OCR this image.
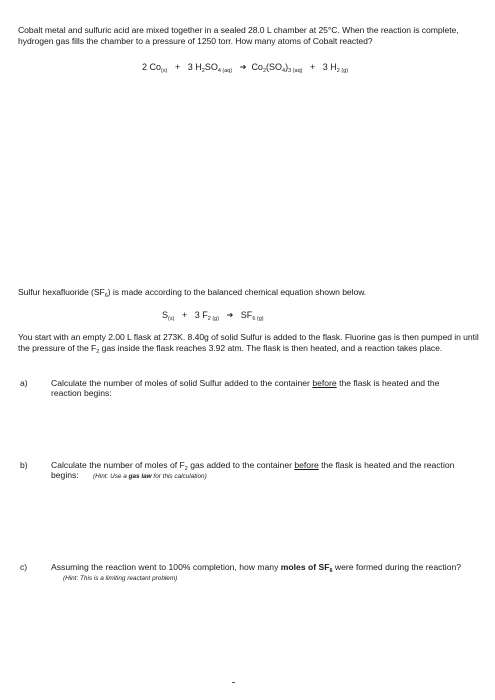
Cobalt metal and sulfuric acid are mixed together in a sealed 28.0 L chamber at 25°C. When the reaction is complete, hydrogen gas fills the chamber to a pressure of 1250 torr. How many atoms of Cobalt reacted?
2 $Co_{(s)} + 3$ $H_2SO_{4 (aq)}$ ➔ $Co_2(SO_4)_{3 (aq)} + 3$ $H_{2 (g)}$
Sulfur hexafluoride $(SF_6)$ is made according to the balanced chemical equation shown below.
$S_{(s)} + 3$ $F_{2 (g)}$ ➔ $SF_{6 (g)}$
You start with an empty 2.00 L flask at 273K. 8.40g of solid Sulfur is added to the flask. Fluorine gas is then pumped in until the pressure of the $F_2$ gas inside the flask reaches 3.92 atm. The flask is then heated, and a reaction takes place.
a)	Calculate the number of moles of solid Sulfur added to the container before the flask is heated and the reaction begins:
b)	Calculate the number of moles of $F_2$ gas added to the container before the flask is heated and the reaction begins: (Hint: Use a gas law for this calculation)
c)	Assuming the reaction went to 100% completion, how many moles of $SF_6$ were formed during the reaction?      (Hint: This is a limiting reactant problem)
